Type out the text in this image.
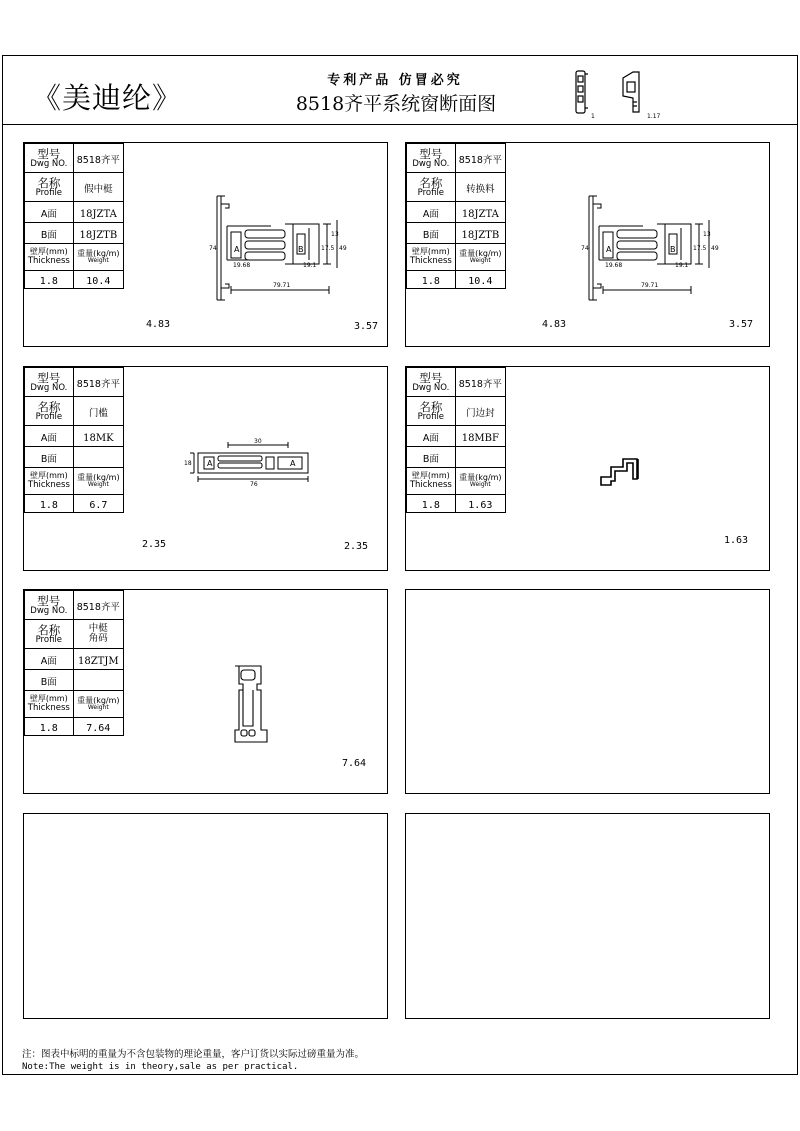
《美迪纶》
专利产品 仿冒必究
8518齐平系统窗断面图
1	1.17
型号
Dwg NO.	8518齐平

名称
Profile	假中梃
A面	18JZTA
B面	18JZTB

壁厚(mm)
Thickness	重量(kg/m)
Weight

1.8	10.4
74
19.68
13
19.1
17.5 49
79.71
A	B
4.83	3.57
型号
Dwg NO.	8518齐平

名称
Profile	转换料
A面	18JZTA
B面	18JZTB

壁厚(mm)
Thickness	重量(kg/m)
Weight

1.8	10.4
74
19.68
13
19.1
17.5 49
79.71
A	B
4.83	3.57
型号
Dwg NO.	8518齐平

名称
Profile	门槛
A面	18MK
B面	

壁厚(mm)
Thickness	重量(kg/m)
Weight

1.8	6.7
30
18
76
A	A
2.35	2.35
型号
Dwg NO.	8518齐平

名称
Profile	门边封
A面	18MBF
B面	

壁厚(mm)
Thickness	重量(kg/m)
Weight

1.8	1.63
1.63
型号
Dwg NO.	8518齐平

名称
Profile	中梃
角码

A面	18ZTJM
B面	

壁厚(mm)
Thickness	重量(kg/m)
Weight

1.8	7.64
7.64
注：图表中标明的重量为不含包装物的理论重量，客户订货以实际过磅重量为准。
Note:The weight is in theory,sale as per practical.
